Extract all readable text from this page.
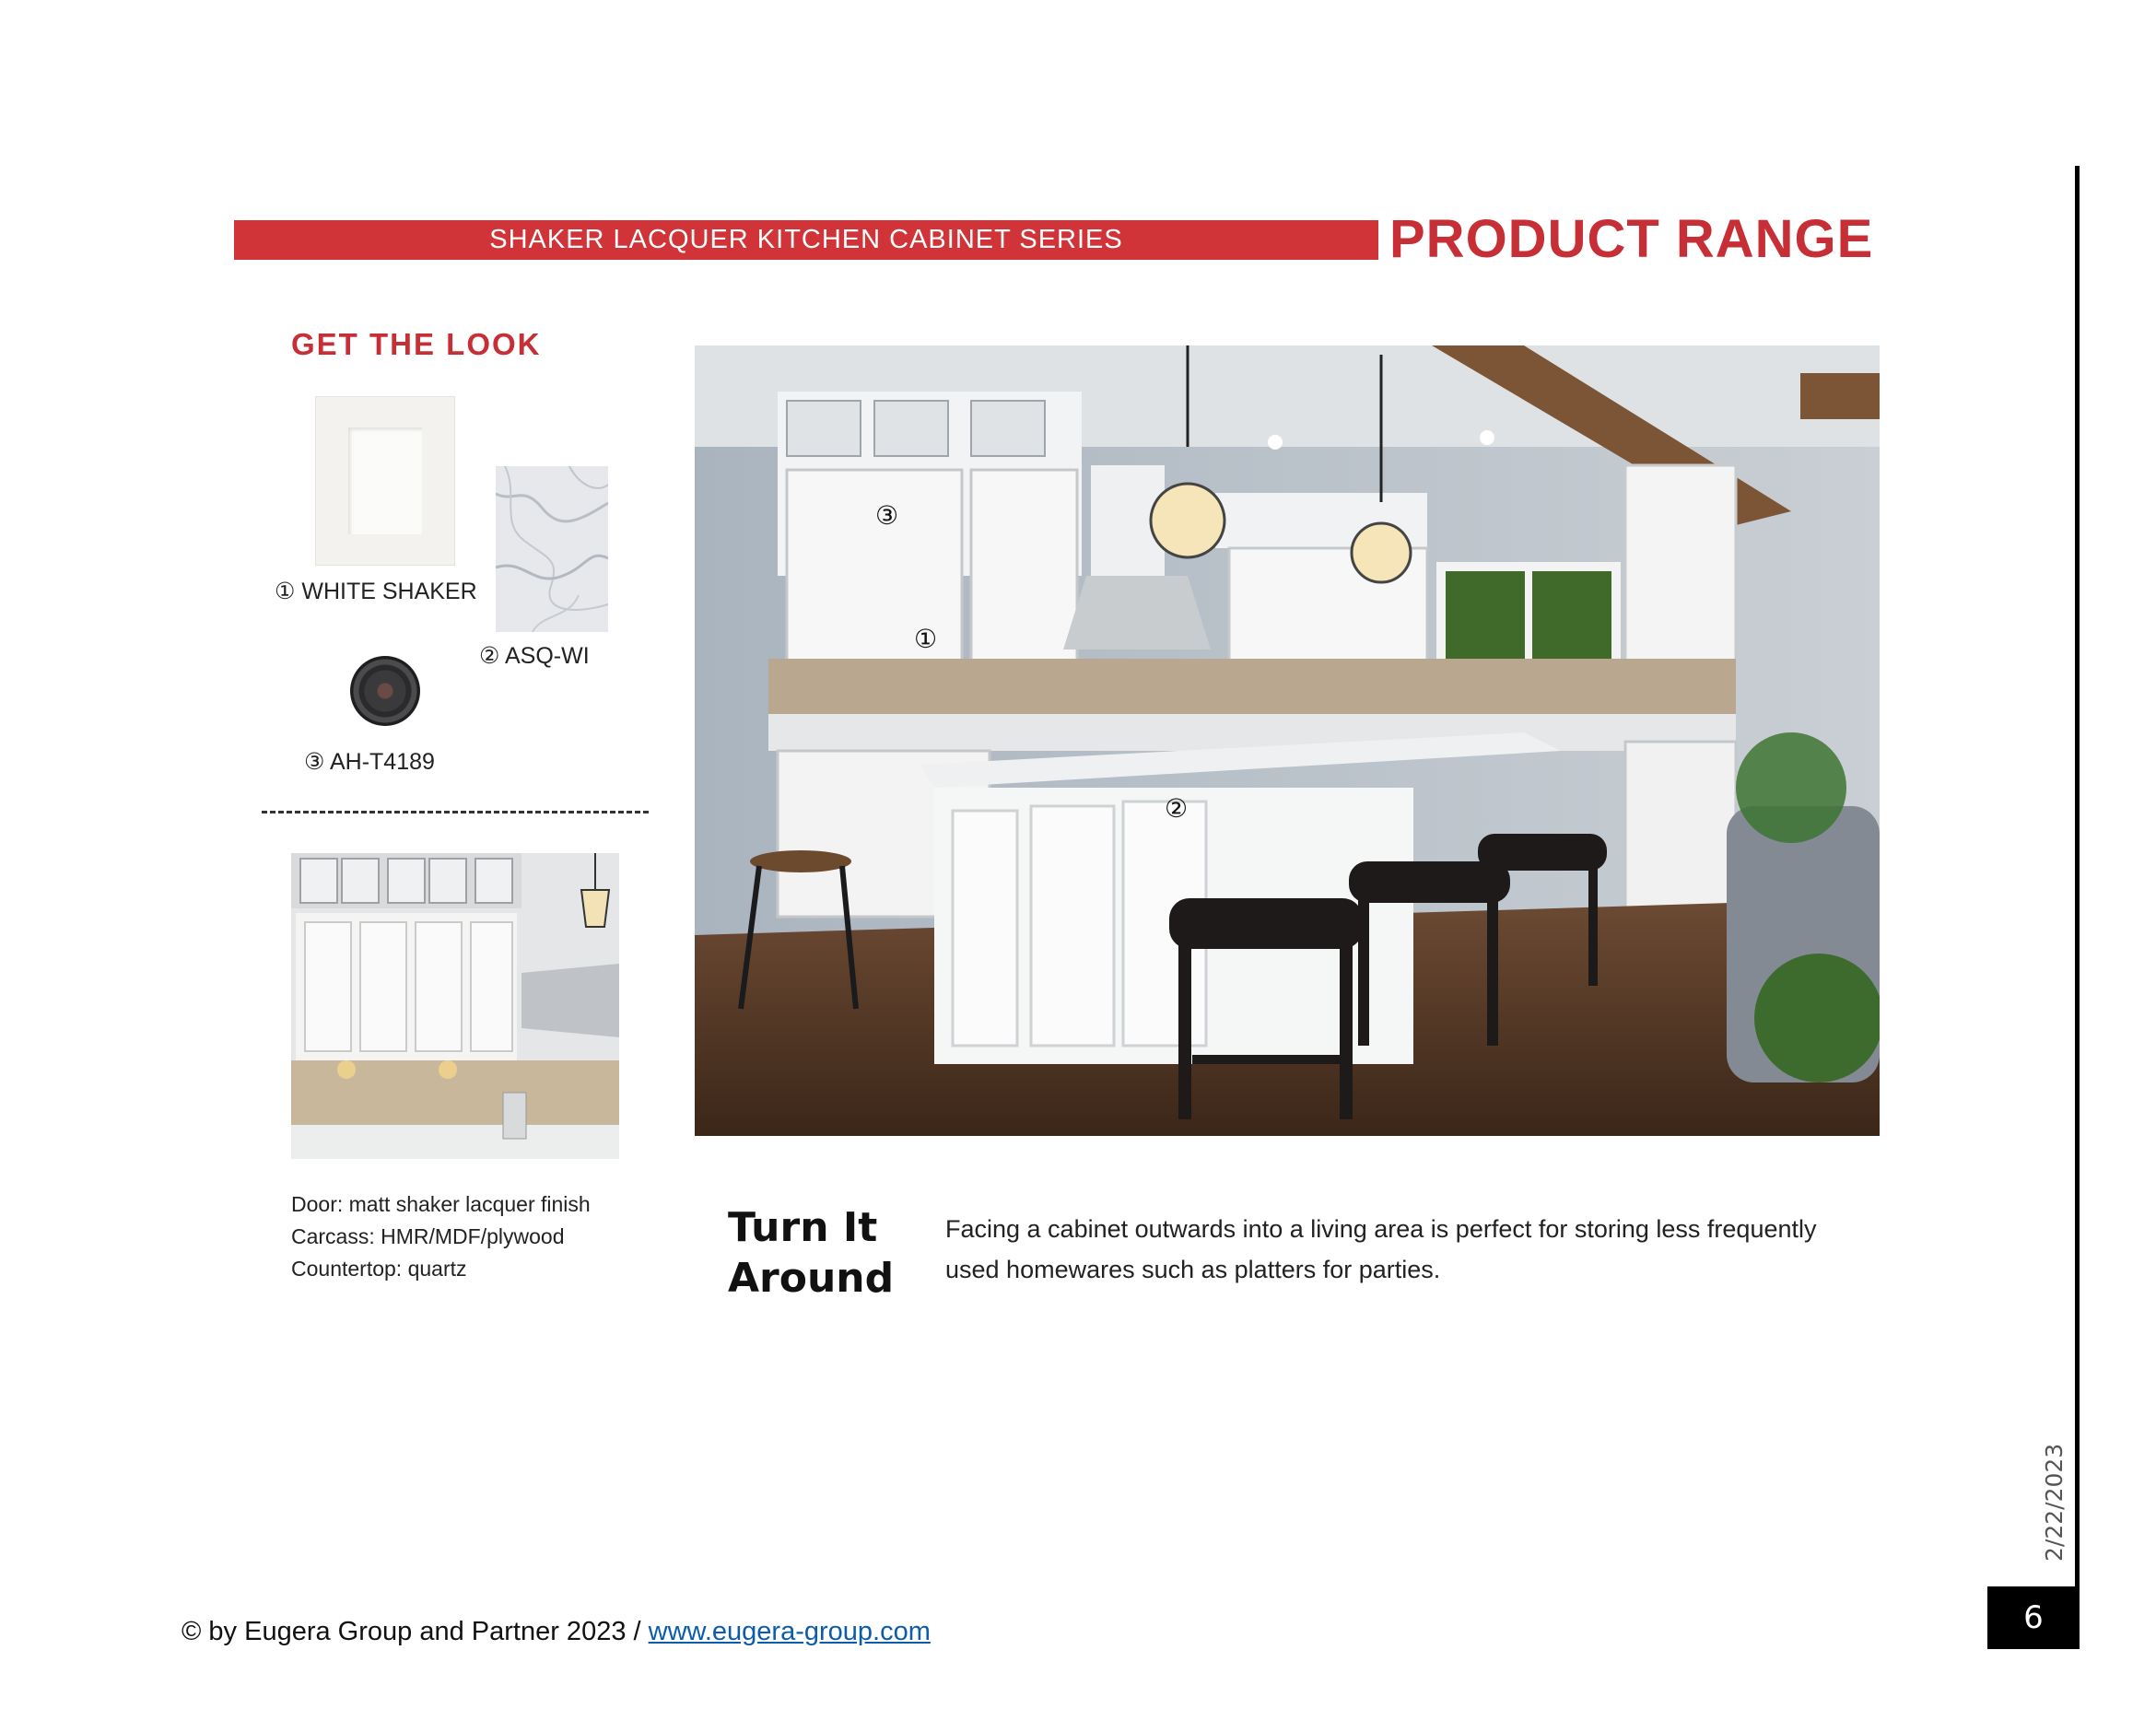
SHAKER LACQUER KITCHEN CABINET SERIES	PRODUCT RANGE
GET THE LOOK
① WHITE SHAKER
② ASQ-WI
③ AH-T4189
③
①
②
Door: matt shaker lacquer finish
Carcass: HMR/MDF/plywood
Countertop: quartz
Turn It
Around
Facing a cabinet outwards into a living area is perfect for storing less frequently used homewares such as platters for parties.
2/22/2023
6
© by Eugera Group and Partner 2023 / www.eugera-group.com
